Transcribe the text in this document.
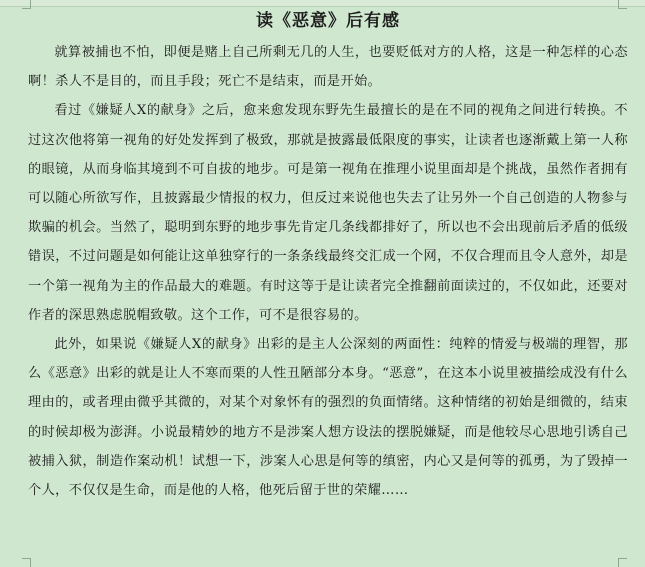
读《恶意》后有感

就算被捕也不怕，即便是赌上自己所剩无几的人生，也要贬低对方的人格，这是一种怎样的心态啊！杀人不是目的，而且手段；死亡不是结束，而是开始。

看过《嫌疑人X的献身》之后，愈来愈发现东野先生最擅长的是在不同的视角之间进行转换。不过这次他将第一视角的好处发挥到了极致，那就是披露最低限度的事实，让读者也逐渐戴上第一人称的眼镜，从而身临其境到不可自拔的地步。可是第一视角在推理小说里面却是个挑战，虽然作者拥有可以随心所欲写作，且披露最少情报的权力，但反过来说他也失去了让另外一个自己创造的人物参与欺骗的机会。当然了，聪明到东野的地步事先肯定几条线都排好了，所以也不会出现前后矛盾的低级错误，不过问题是如何能让这单独穿行的一条条线最终交汇成一个网，不仅合理而且令人意外，却是一个第一视角为主的作品最大的难题。有时这等于是让读者完全推翻前面读过的，不仅如此，还要对作者的深思熟虑脱帽致敬。这个工作，可不是很容易的。

此外，如果说《嫌疑人X的献身》出彩的是主人公深刻的两面性：纯粹的情爱与极端的理智，那么《恶意》出彩的就是让人不寒而栗的人性丑陋部分本身。“恶意”，在这本小说里被描绘成没有什么理由的，或者理由微乎其微的，对某个对象怀有的强烈的负面情绪。这种情绪的初始是细微的，结束的时候却极为澎湃。小说最精妙的地方不是涉案人想方设法的摆脱嫌疑，而是他较尽心思地引诱自己被捕入狱，制造作案动机！试想一下，涉案人心思是何等的缜密，内心又是何等的孤勇，为了毁掉一个人，不仅仅是生命，而是他的人格，他死后留于世的荣耀……
